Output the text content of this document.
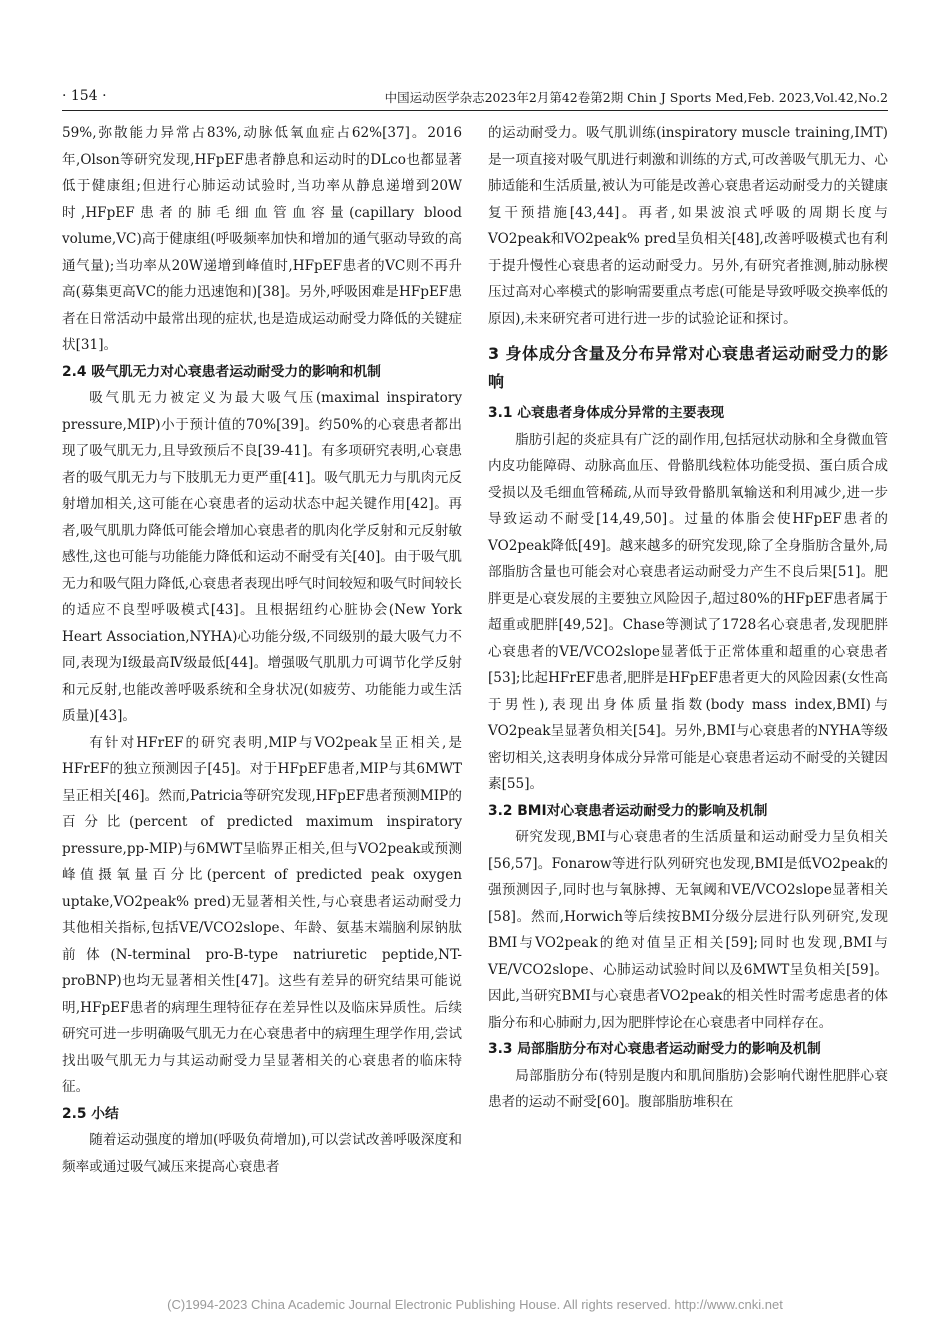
· 154 ·	中国运动医学杂志2023年2月第42卷第2期 Chin J Sports Med,Feb. 2023,Vol.42,No.2

59%,弥散能力异常占83%,动脉低氧血症占62%[37]。2016年,Olson等研究发现,HFpEF患者静息和运动时的DLco也都显著低于健康组;但进行心肺运动试验时,当功率从静息递增到20W时,HFpEF患者的肺毛细血管血容量(capillary blood volume,VC)高于健康组(呼吸频率加快和增加的通气驱动导致的高通气量);当功率从20W递增到峰值时,HFpEF患者的VC则不再升高(募集更高VC的能力迅速饱和)[38]。另外,呼吸困难是HFpEF患者在日常活动中最常出现的症状,也是造成运动耐受力降低的关键症状[31]。

2.4 吸气肌无力对心衰患者运动耐受力的影响和机制

吸气肌无力被定义为最大吸气压(maximal inspiratory pressure,MIP)小于预计值的70%[39]。约50%的心衰患者都出现了吸气肌无力,且导致预后不良[39-41]。有多项研究表明,心衰患者的吸气肌无力与下肢肌无力更严重[41]。吸气肌无力与肌肉元反射增加相关,这可能在心衰患者的运动状态中起关键作用[42]。再者,吸气肌肌力降低可能会增加心衰患者的肌肉化学反射和元反射敏感性,这也可能与功能能力降低和运动不耐受有关[40]。由于吸气肌无力和吸气阻力降低,心衰患者表现出呼气时间较短和吸气时间较长的适应不良型呼吸模式[43]。且根据纽约心脏协会(New York Heart Association,NYHA)心功能分级,不同级别的最大吸气力不同,表现为Ⅰ级最高Ⅳ级最低[44]。增强吸气肌肌力可调节化学反射和元反射,也能改善呼吸系统和全身状况(如疲劳、功能能力或生活质量)[43]。

有针对HFrEF的研究表明,MIP与VO2peak呈正相关,是HFrEF的独立预测因子[45]。对于HFpEF患者,MIP与其6MWT呈正相关[46]。然而,Patricia等研究发现,HFpEF患者预测MIP的百分比(percent of predicted maximum inspiratory pressure,pp-MIP)与6MWT呈临界正相关,但与VO2peak或预测峰值摄氧量百分比(percent of predicted peak oxygen uptake,VO2peak% pred)无显著相关性,与心衰患者运动耐受力其他相关指标,包括VE/VCO2slope、年龄、氨基末端脑利尿钠肽前体(N-terminal pro-B-type natriuretic peptide,NT-proBNP)也均无显著相关性[47]。这些有差异的研究结果可能说明,HFpEF患者的病理生理特征存在差异性以及临床异质性。后续研究可进一步明确吸气肌无力在心衰患者中的病理生理学作用,尝试找出吸气肌无力与其运动耐受力呈显著相关的心衰患者的临床特征。

2.5 小结

随着运动强度的增加(呼吸负荷增加),可以尝试改善呼吸深度和频率或通过吸气减压来提高心衰患者

的运动耐受力。吸气肌训练(inspiratory muscle training,IMT)是一项直接对吸气肌进行刺激和训练的方式,可改善吸气肌无力、心肺适能和生活质量,被认为可能是改善心衰患者运动耐受力的关键康复干预措施[43,44]。再者,如果波浪式呼吸的周期长度与VO2peak和VO2peak% pred呈负相关[48],改善呼吸模式也有利于提升慢性心衰患者的运动耐受力。另外,有研究者推测,肺动脉楔压过高对心率模式的影响需要重点考虑(可能是导致呼吸交换率低的原因),未来研究者可进行进一步的试验论证和探讨。

3 身体成分含量及分布异常对心衰患者运动耐受力的影响
3.1 心衰患者身体成分异常的主要表现

脂肪引起的炎症具有广泛的副作用,包括冠状动脉和全身微血管内皮功能障碍、动脉高血压、骨骼肌线粒体功能受损、蛋白质合成受损以及毛细血管稀疏,从而导致骨骼肌氧输送和利用减少,进一步导致运动不耐受[14,49,50]。过量的体脂会使HFpEF患者的VO2peak降低[49]。越来越多的研究发现,除了全身脂肪含量外,局部脂肪含量也可能会对心衰患者运动耐受力产生不良后果[51]。肥胖更是心衰发展的主要独立风险因子,超过80%的HFpEF患者属于超重或肥胖[49,52]。Chase等测试了1728名心衰患者,发现肥胖心衰患者的VE/VCO2slope显著低于正常体重和超重的心衰患者[53];比起HFrEF患者,肥胖是HFpEF患者更大的风险因素(女性高于男性),表现出身体质量指数(body mass index,BMI)与VO2peak呈显著负相关[54]。另外,BMI与心衰患者的NYHA等级密切相关,这表明身体成分异常可能是心衰患者运动不耐受的关键因素[55]。

3.2 BMI对心衰患者运动耐受力的影响及机制

研究发现,BMI与心衰患者的生活质量和运动耐受力呈负相关[56,57]。Fonarow等进行队列研究也发现,BMI是低VO2peak的强预测因子,同时也与氧脉搏、无氧阈和VE/VCO2slope显著相关[58]。然而,Horwich等后续按BMI分级分层进行队列研究,发现BMI与VO2peak的绝对值呈正相关[59];同时也发现,BMI与VE/VCO2slope、心肺运动试验时间以及6MWT呈负相关[59]。因此,当研究BMI与心衰患者VO2peak的相关性时需考虑患者的体脂分布和心肺耐力,因为肥胖悖论在心衰患者中同样存在。

3.3 局部脂肪分布对心衰患者运动耐受力的影响及机制

局部脂肪分布(特别是腹内和肌间脂肪)会影响代谢性肥胖心衰患者的运动不耐受[60]。腹部脂肪堆积在

(C)1994-2023 China Academic Journal Electronic Publishing House. All rights reserved. http://www.cnki.net
